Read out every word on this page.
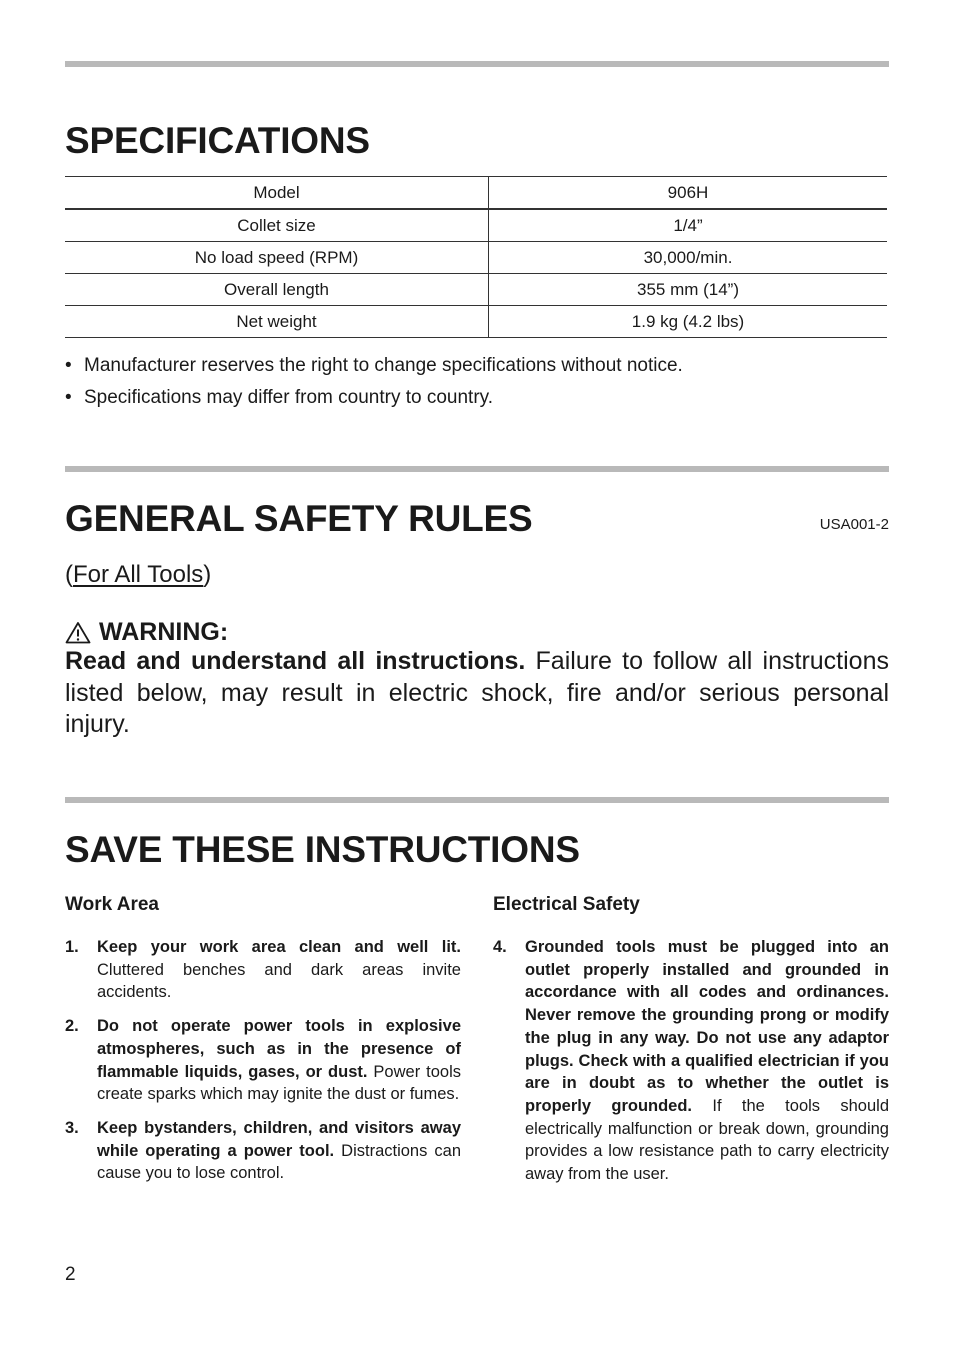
SPECIFICATIONS
Model	906H
Collet size	1/4”
No load speed (RPM)	30,000/min.
Overall length	355 mm (14”)
Net weight	1.9 kg (4.2 lbs)
• Manufacturer reserves the right to change specifications without notice.
• Specifications may differ from country to country.
GENERAL SAFETY RULES	USA001-2
(For All Tools)
WARNING:

Read and understand all instructions. Failure to follow all instructions listed below, may result in electric shock, fire and/or serious personal injury.

SAVE THESE INSTRUCTIONS
Work Area
1. Keep your work area clean and well lit. Cluttered benches and dark areas invite accidents.
2. Do not operate power tools in explosive atmospheres, such as in the presence of flammable liquids, gases, or dust. Power tools create sparks which may ignite the dust or fumes.
3. Keep bystanders, children, and visitors away while operating a power tool. Distractions can cause you to lose control.
Electrical Safety
4. Grounded tools must be plugged into an outlet properly installed and grounded in accordance with all codes and ordinances. Never remove the grounding prong or modify the plug in any way. Do not use any adaptor plugs. Check with a qualified electrician if you are in doubt as to whether the outlet is properly grounded. If the tools should electrically malfunction or break down, grounding provides a low resistance path to carry electricity away from the user.
2
